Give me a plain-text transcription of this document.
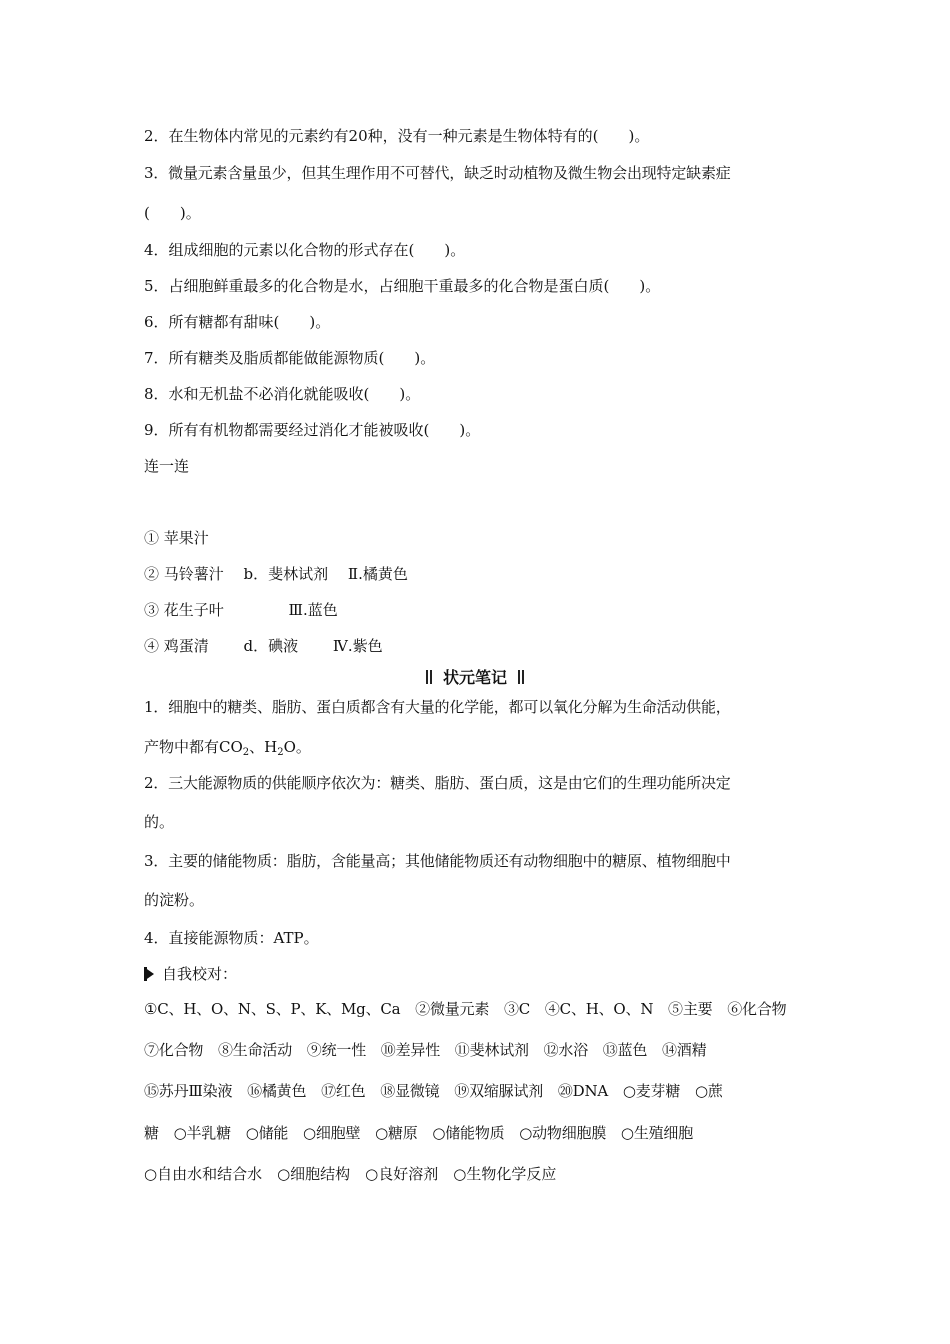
2．在生物体内常见的元素约有20种，没有一种元素是生物体特有的(　　)。
3．微量元素含量虽少，但其生理作用不可替代，缺乏时动植物及微生物会出现特定缺素症
(　　)。
4．组成细胞的元素以化合物的形式存在(　　)。
5．占细胞鲜重最多的化合物是水，占细胞干重最多的化合物是蛋白质(　　)。
6．所有糖都有甜味(　　)。
7．所有糖类及脂质都能做能源物质(　　)。
8．水和无机盐不必消化就能吸收(　　)。
9．所有有机物都需要经过消化才能被吸收(　　)。
连一连
① 苹果汁
② 马铃薯汁　 b．斐林试剂　 Ⅱ.橘黄色
③ 花生子叶　　　　 Ⅲ.蓝色
④ 鸡蛋清　　 d．碘液　　 Ⅳ.紫色
状元笔记
1．细胞中的糖类、脂肪、蛋白质都含有大量的化学能，都可以氧化分解为生命活动供能，
产物中都有$CO_2$、$H_2O$。
2．三大能源物质的供能顺序依次为：糖类、脂肪、蛋白质，这是由它们的生理功能所决定
的。
3．主要的储能物质：脂肪，含能量高；其他储能物质还有动物细胞中的糖原、植物细胞中
的淀粉。
4．直接能源物质：ATP。
自我校对：
①C、H、O、N、S、P、K、Mg、Ca　②微量元素　③C　④C、H、O、N　⑤主要　⑥化合物
⑦化合物　⑧生命活动　⑨统一性　⑩差异性　⑪斐林试剂　⑫水浴　⑬蓝色　⑭酒精
⑮苏丹Ⅲ染液　⑯橘黄色　⑰红色　⑱显微镜　⑲双缩脲试剂　⑳DNA　○麦芽糖　○蔗
糖　○半乳糖　○储能　○细胞壁　○糖原　○储能物质　○动物细胞膜　○生殖细胞
○自由水和结合水　○细胞结构　○良好溶剂　○生物化学反应
